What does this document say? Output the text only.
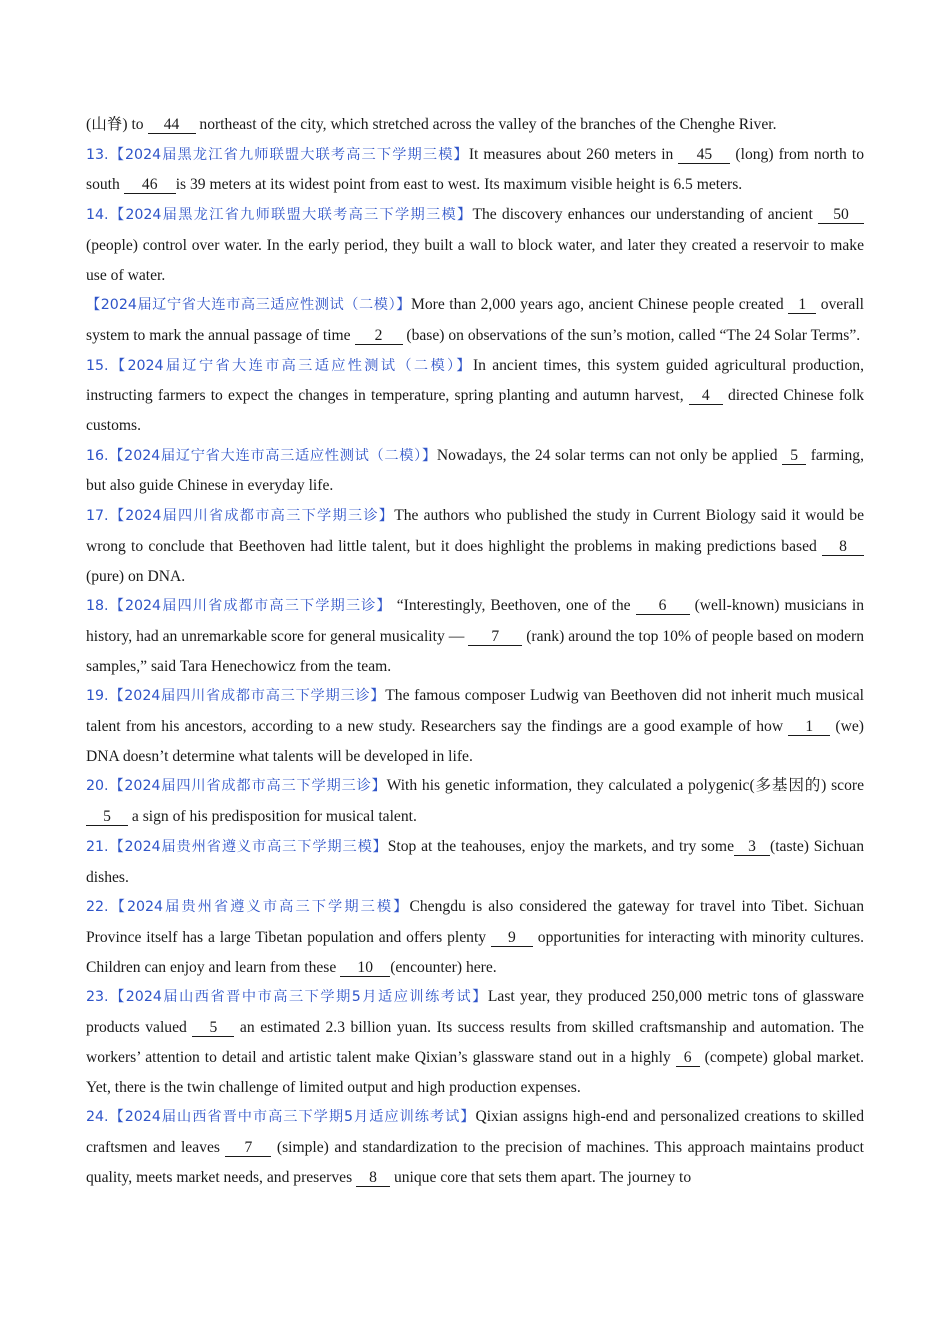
(山脊) to 44 northeast of the city, which stretched across the valley of the branches of the Chenghe River.

13.【2024届黑龙江省九师联盟大联考高三下学期三模】It measures about 260 meters in 45 (long) from north to south 46 is 39 meters at its widest point from east to west. Its maximum visible height is 6.5 meters.

14.【2024届黑龙江省九师联盟大联考高三下学期三模】The discovery enhances our understanding of ancient 50 (people) control over water. In the early period, they built a wall to block water, and later they created a reservoir to make use of water.

【2024届辽宁省大连市高三适应性测试（二模）】More than 2,000 years ago, ancient Chinese people created 1 overall system to mark the annual passage of time 2 (base) on observations of the sun’s motion, called “The 24 Solar Terms”.

15.【2024届辽宁省大连市高三适应性测试（二模）】In ancient times, this system guided agricultural production, instructing farmers to expect the changes in temperature, spring planting and autumn harvest, 4 directed Chinese folk customs.

16.【2024届辽宁省大连市高三适应性测试（二模）】Nowadays, the 24 solar terms can not only be applied 5 farming, but also guide Chinese in everyday life.

17.【2024届四川省成都市高三下学期三诊】The authors who published the study in Current Biology said it would be wrong to conclude that Beethoven had little talent, but it does highlight the problems in making predictions based 8 (pure) on DNA.

18.【2024届四川省成都市高三下学期三诊】 “Interestingly, Beethoven, one of the 6 (well-known) musicians in history, had an unremarkable score for general musicality — 7 (rank) around the top 10% of people based on modern samples,” said Tara Henechowicz from the team.

19.【2024届四川省成都市高三下学期三诊】The famous composer Ludwig van Beethoven did not inherit much musical talent from his ancestors, according to a new study. Researchers say the findings are a good example of how 1 (we) DNA doesn’t determine what talents will be developed in life.

20.【2024届四川省成都市高三下学期三诊】With his genetic information, they calculated a polygenic(多基因的) score 5 a sign of his predisposition for musical talent.

21.【2024届贵州省遵义市高三下学期三模】Stop at the teahouses, enjoy the markets, and try some 3 (taste) Sichuan dishes.

22.【2024届贵州省遵义市高三下学期三模】Chengdu is also considered the gateway for travel into Tibet. Sichuan Province itself has a large Tibetan population and offers plenty 9 opportunities for interacting with minority cultures. Children can enjoy and learn from these 10 (encounter) here.

23.【2024届山西省晋中市高三下学期5月适应训练考试】Last year, they produced 250,000 metric tons of glassware products valued 5 an estimated 2.3 billion yuan. Its success results from skilled craftsmanship and automation. The workers’ attention to detail and artistic talent make Qixian’s glassware stand out in a highly 6 (compete) global market. Yet, there is the twin challenge of limited output and high production expenses.

24.【2024届山西省晋中市高三下学期5月适应训练考试】Qixian assigns high-end and personalized creations to skilled craftsmen and leaves 7 (simple) and standardization to the precision of machines. This approach maintains product quality, meets market needs, and preserves 8 unique core that sets them apart. The journey to
